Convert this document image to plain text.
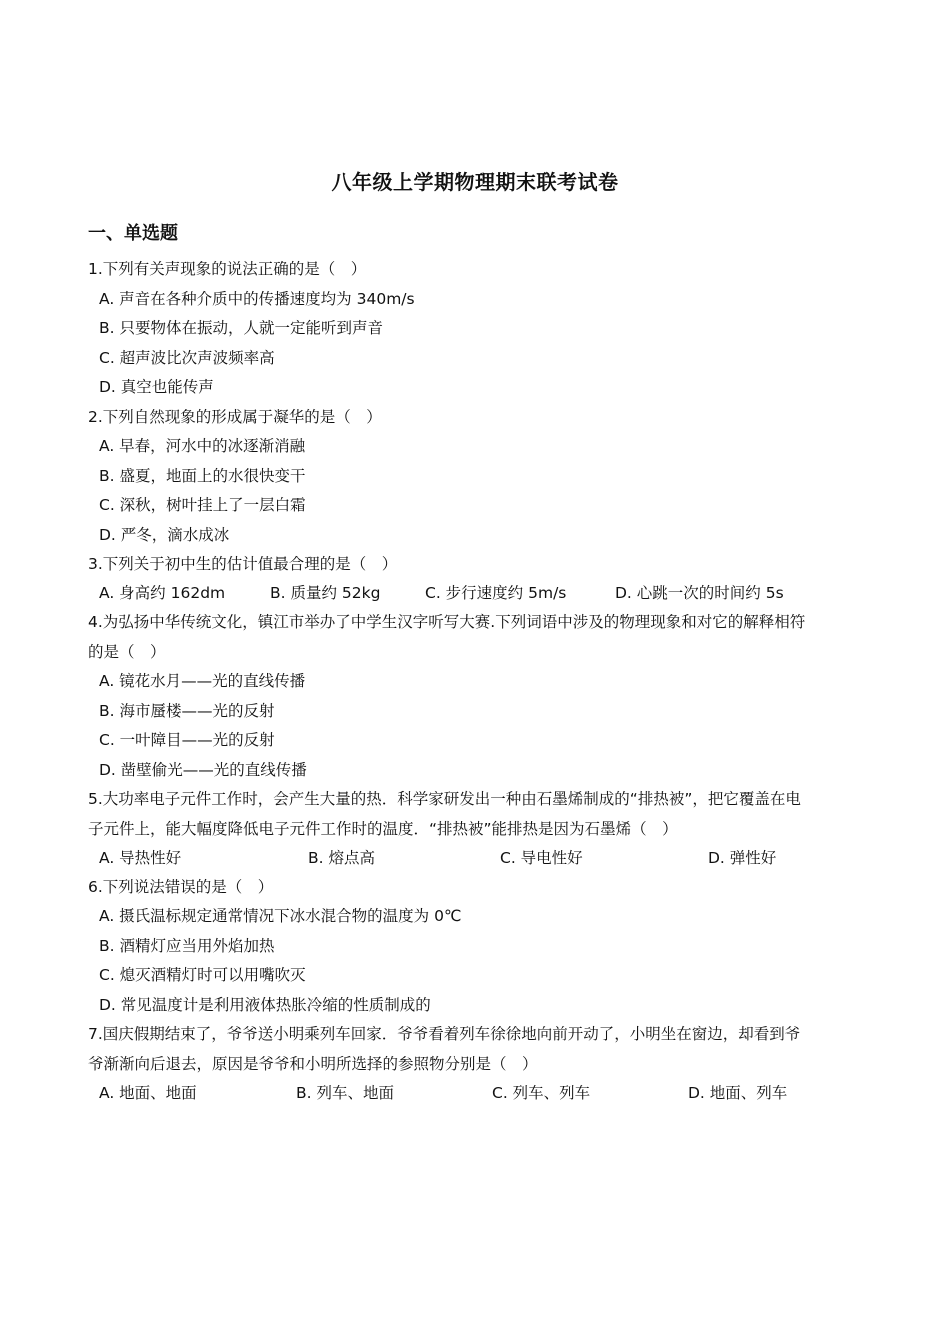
八年级上学期物理期末联考试卷
一、单选题
1.下列有关声现象的说法正确的是（　）
A. 声音在各种介质中的传播速度均为 340m/s
B. 只要物体在振动，人就一定能听到声音
C. 超声波比次声波频率高
D. 真空也能传声
2.下列自然现象的形成属于凝华的是（　）
A. 早春，河水中的冰逐渐消融
B. 盛夏，地面上的水很快变干
C. 深秋，树叶挂上了一层白霜
D. 严冬，滴水成冰
3.下列关于初中生的估计值最合理的是（　）
A. 身高约 162dm	B. 质量约 52kg	C. 步行速度约 5m/s	D. 心跳一次的时间约 5s
4.为弘扬中华传统文化，镇江市举办了中学生汉字听写大赛.下列词语中涉及的物理现象和对它的解释相符
的是（　）
A. 镜花水月——光的直线传播
B. 海市蜃楼——光的反射
C. 一叶障目——光的反射
D. 凿壁偷光——光的直线传播
5.大功率电子元件工作时，会产生大量的热．科学家研发出一种由石墨烯制成的“排热被”，把它覆盖在电
子元件上，能大幅度降低电子元件工作时的温度．“排热被”能排热是因为石墨烯（　）
A. 导热性好	B. 熔点高	C. 导电性好	D. 弹性好
6.下列说法错误的是（　）
A. 摄氏温标规定通常情况下冰水混合物的温度为 0℃
B. 酒精灯应当用外焰加热
C. 熄灭酒精灯时可以用嘴吹灭
D. 常见温度计是利用液体热胀冷缩的性质制成的
7.国庆假期结束了，爷爷送小明乘列车回家．爷爷看着列车徐徐地向前开动了，小明坐在窗边，却看到爷
爷渐渐向后退去，原因是爷爷和小明所选择的参照物分别是（　）
A. 地面、地面	B. 列车、地面	C. 列车、列车	D. 地面、列车
